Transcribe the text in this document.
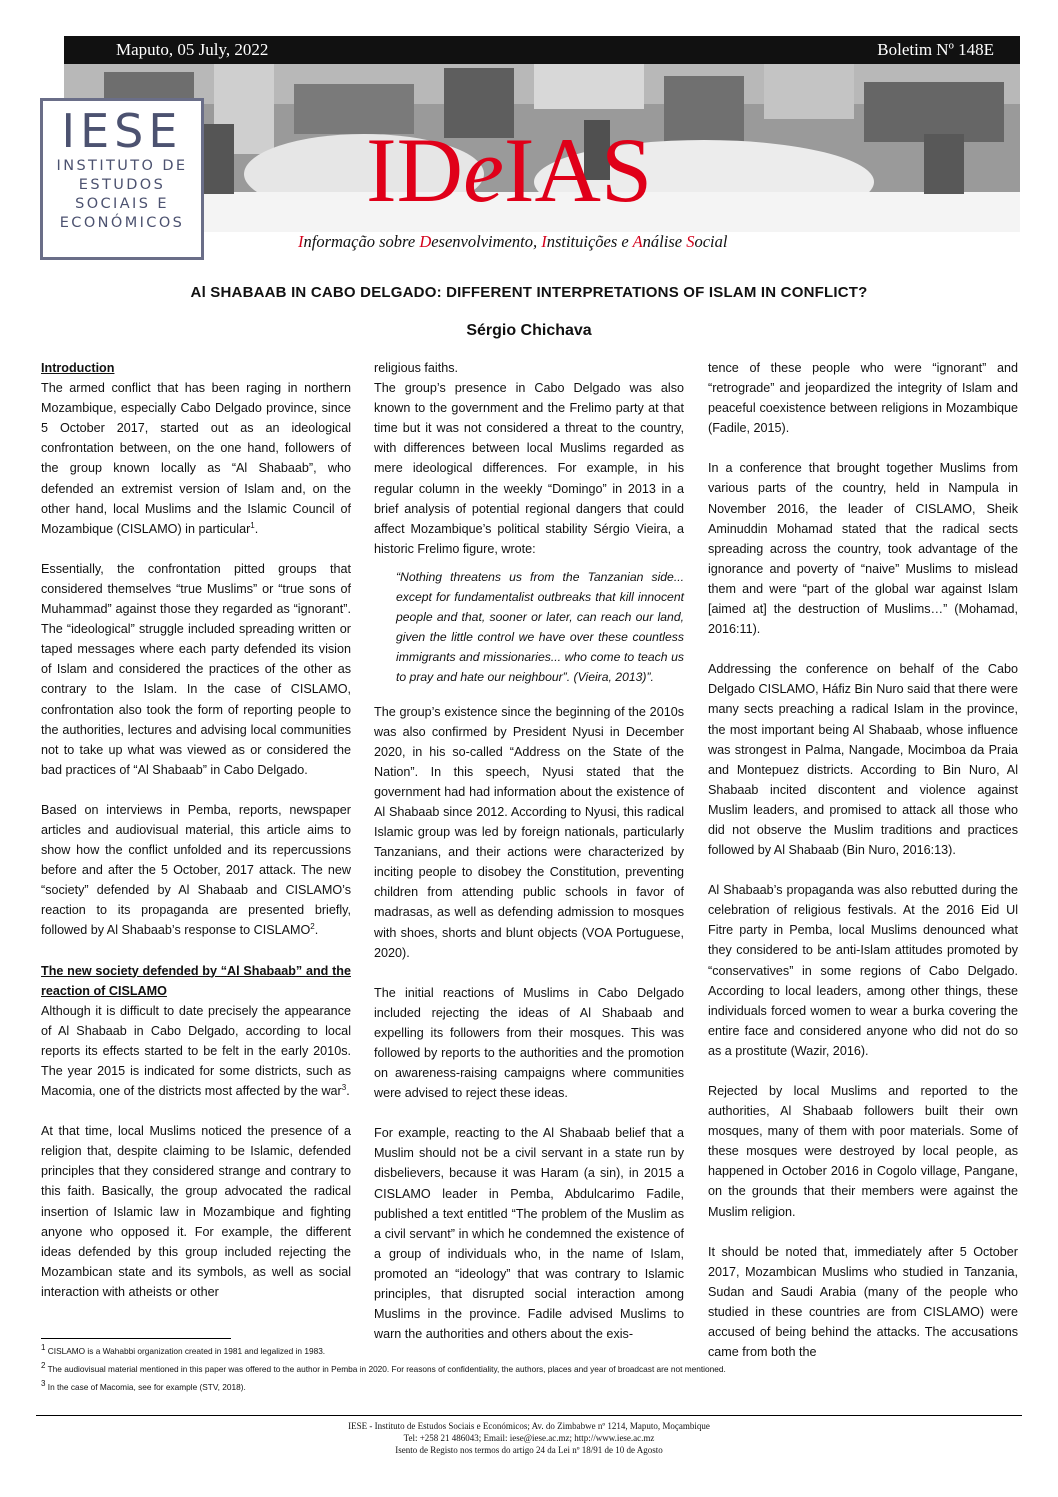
Maputo, 05 July, 2022	Boletim Nº 148E
IESE
INSTITUTO DE
ESTUDOS
SOCIAIS E
ECONÓMICOS
IDeIAS
Informação sobre Desenvolvimento, Instituições e Análise Social
Al SHABAAB IN CABO DELGADO: DIFFERENT INTERPRETATIONS OF ISLAM IN CONFLICT?
Sérgio Chichava
Introduction

The armed conflict that has been raging in northern Mozambique, especially Cabo Delgado province, since 5 October 2017, started out as an ideological confrontation between, on the one hand, followers of the group known locally as “Al Shabaab”, who defended an extremist version of Islam and, on the other hand, local Muslims and the Islamic Council of Mozambique (CISLAMO) in particular$^1$.

Essentially, the confrontation pitted groups that considered themselves “true Muslims” or “true sons of Muhammad” against those they regarded as “ignorant”. The “ideological” struggle included spreading written or taped messages where each party defended its vision of Islam and considered the practices of the other as contrary to the Islam. In the case of CISLAMO, confrontation also took the form of reporting people to the authorities, lectures and advising local communities not to take up what was viewed as or considered the bad practices of “Al Shabaab” in Cabo Delgado.

Based on interviews in Pemba, reports, newspaper articles and audiovisual material, this article aims to show how the conflict unfolded and its repercussions before and after the 5 October, 2017 attack. The new “society” defended by Al Shabaab and CISLAMO’s reaction to its propaganda are presented briefly, followed by Al Shabaab’s response to CISLAMO$^2$.

The new society defended by “Al Shabaab” and the reaction of CISLAMO

Although it is difficult to date precisely the appearance of Al Shabaab in Cabo Delgado, according to local reports its effects started to be felt in the early 2010s. The year 2015 is indicated for some districts, such as Macomia, one of the districts most affected by the war$^3$.

At that time, local Muslims noticed the presence of a religion that, despite claiming to be Islamic, defended principles that they considered strange and contrary to this faith. Basically, the group advocated the radical insertion of Islamic law in Mozambique and fighting anyone who opposed it. For example, the different ideas defended by this group included rejecting the Mozambican state and its symbols, as well as social interaction with atheists or other

religious faiths.

The group’s presence in Cabo Delgado was also known to the government and the Frelimo party at that time but it was not considered a threat to the country, with differences between local Muslims regarded as mere ideological differences. For example, in his regular column in the weekly “Domingo” in 2013 in a brief analysis of potential regional dangers that could affect Mozambique’s political stability Sérgio Vieira, a historic Frelimo figure, wrote:

“Nothing threatens us from the Tanzanian side... except for fundamentalist outbreaks that kill innocent people and that, sooner or later, can reach our land, given the little control we have over these countless immigrants and missionaries... who come to teach us to pray and hate our neighbour”. (Vieira, 2013)”.

The group’s existence since the beginning of the 2010s was also confirmed by President Nyusi in December 2020, in his so-called “Address on the State of the Nation”. In this speech, Nyusi stated that the government had had information about the existence of Al Shabaab since 2012. According to Nyusi, this radical Islamic group was led by foreign nationals, particularly Tanzanians, and their actions were characterized by inciting people to disobey the Constitution, preventing children from attending public schools in favor of madrasas, as well as defending admission to mosques with shoes, shorts and blunt objects (VOA Portuguese, 2020).

The initial reactions of Muslims in Cabo Delgado included rejecting the ideas of Al Shabaab and expelling its followers from their mosques. This was followed by reports to the authorities and the promotion on awareness-raising campaigns where communities were advised to reject these ideas.

For example, reacting to the Al Shabaab belief that a Muslim should not be a civil servant in a state run by disbelievers, because it was Haram (a sin), in 2015 a CISLAMO leader in Pemba, Abdulcarimo Fadile, published a text entitled “The problem of the Muslim as a civil servant” in which he condemned the existence of a group of individuals who, in the name of Islam, promoted an “ideology” that was contrary to Islamic principles, that disrupted social interaction among Muslims in the province. Fadile advised Muslims to warn the authorities and others about the exis-

tence of these people who were “ignorant” and “retrograde” and jeopardized the integrity of Islam and peaceful coexistence between religions in Mozambique (Fadile, 2015).

In a conference that brought together Muslims from various parts of the country, held in Nampula in November 2016, the leader of CISLAMO, Sheik Aminuddin Mohamad stated that the radical sects spreading across the country, took advantage of the ignorance and poverty of “naive” Muslims to mislead them and were “part of the global war against Islam [aimed at] the destruction of Muslims…” (Mohamad, 2016:11).

Addressing the conference on behalf of the Cabo Delgado CISLAMO, Háfiz Bin Nuro said that there were many sects preaching a radical Islam in the province, the most important being Al Shabaab, whose influence was strongest in Palma, Nangade, Mocimboa da Praia and Montepuez districts. According to Bin Nuro, Al Shabaab incited discontent and violence against Muslim leaders, and promised to attack all those who did not observe the Muslim traditions and practices followed by Al Shabaab (Bin Nuro, 2016:13).

Al Shabaab’s propaganda was also rebutted during the celebration of religious festivals. At the 2016 Eid Ul Fitre party in Pemba, local Muslims denounced what they considered to be anti-Islam attitudes promoted by “conservatives” in some regions of Cabo Delgado. According to local leaders, among other things, these individuals forced women to wear a burka covering the entire face and considered anyone who did not do so as a prostitute (Wazir, 2016).

Rejected by local Muslims and reported to the authorities, Al Shabaab followers built their own mosques, many of them with poor materials. Some of these mosques were destroyed by local people, as happened in October 2016 in Cogolo village, Pangane, on the grounds that their members were against the Muslim religion.

It should be noted that, immediately after 5 October 2017, Mozambican Muslims who studied in Tanzania, Sudan and Saudi Arabia (many of the people who studied in these countries are from CISLAMO) were accused of being behind the attacks. The accusations came from both the

$^1$ CISLAMO is a Wahabbi organization created in 1981 and legalized in 1983.
$^2$ The audiovisual material mentioned in this paper was offered to the author in Pemba in 2020. For reasons of confidentiality, the authors, places and year of broadcast are not mentioned.
$^3$ In the case of Macomia, see for example (STV, 2018).
IESE - Instituto de Estudos Sociais e Económicos; Av. do Zimbabwe nº 1214, Maputo, Moçambique
Tel: +258 21 486043; Email: iese@iese.ac.mz; http://www.iese.ac.mz
Isento de Registo nos termos do artigo 24 da Lei nº 18/91 de 10 de Agosto
